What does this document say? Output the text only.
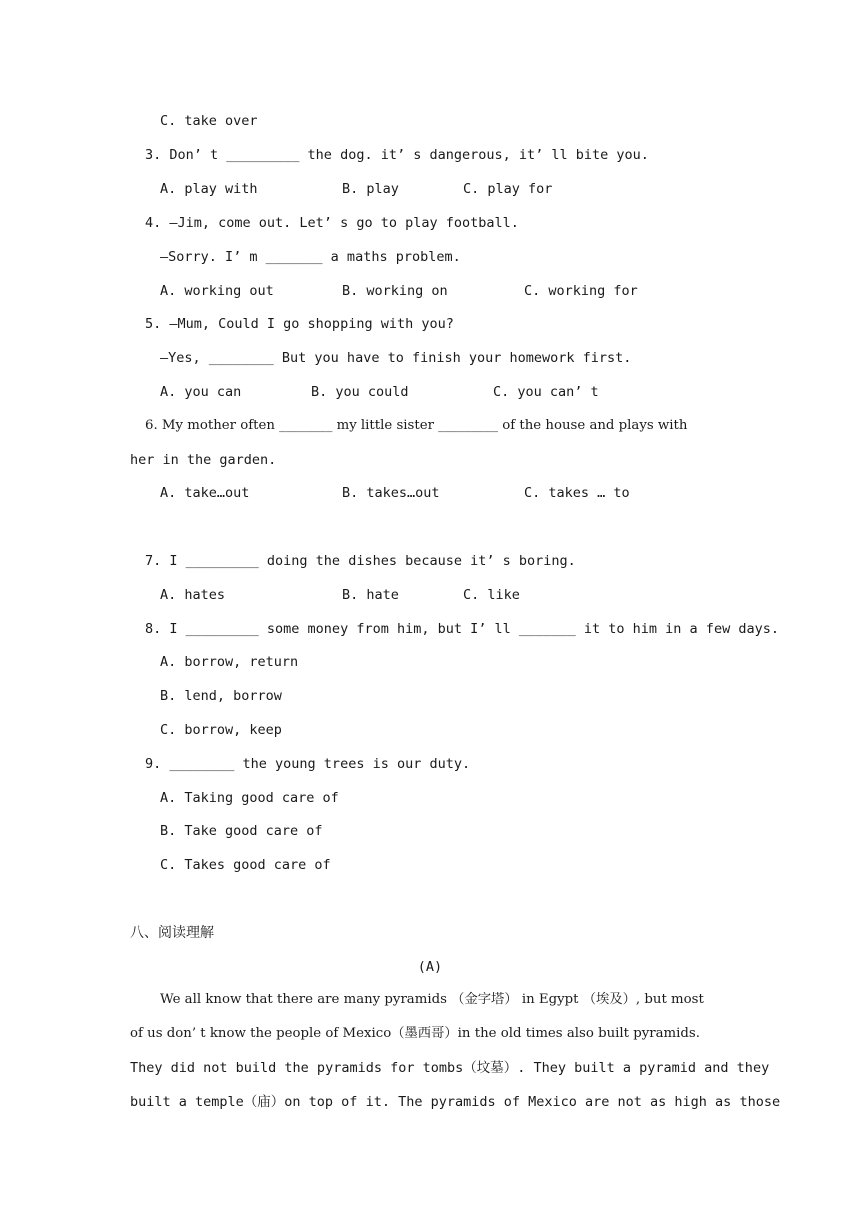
C. take over
3. Don’ t _________ the dog. it’ s dangerous, it’ ll bite you.
A. play with	B. play	C. play for
4. —Jim, come out. Let’ s go to play football.
—Sorry. I’ m _______ a maths problem.
A. working out	B. working on	C. working for
5. —Mum, Could I go shopping with you?
—Yes, ________ But you have to finish your homework first.
A. you can	B. you could	C. you can’ t
6. My mother often ________ my little sister _________ of the house and plays with
her in the garden.
A. take…out	B. takes…out	C. takes … to
7. I _________ doing the dishes because it’ s boring.
A. hates	B. hate	C. like
8. I _________ some money from him, but I’ ll _______ it to him in a few days.
A. borrow, return
B. lend, borrow
C. borrow, keep
9. ________ the young trees is our duty.
A. Taking good care of
B. Take good care of
C. Takes good care of
八、阅读理解
(A)
We all know that there are many pyramids （金字塔） in Egypt （埃及）, but most
of us don’ t know the people of Mexico（墨西哥）in the old times also built pyramids.
They did not build the pyramids for tombs（坟墓）. They built a pyramid and they
built a temple（庙）on top of it. The pyramids of Mexico are not as high as those
